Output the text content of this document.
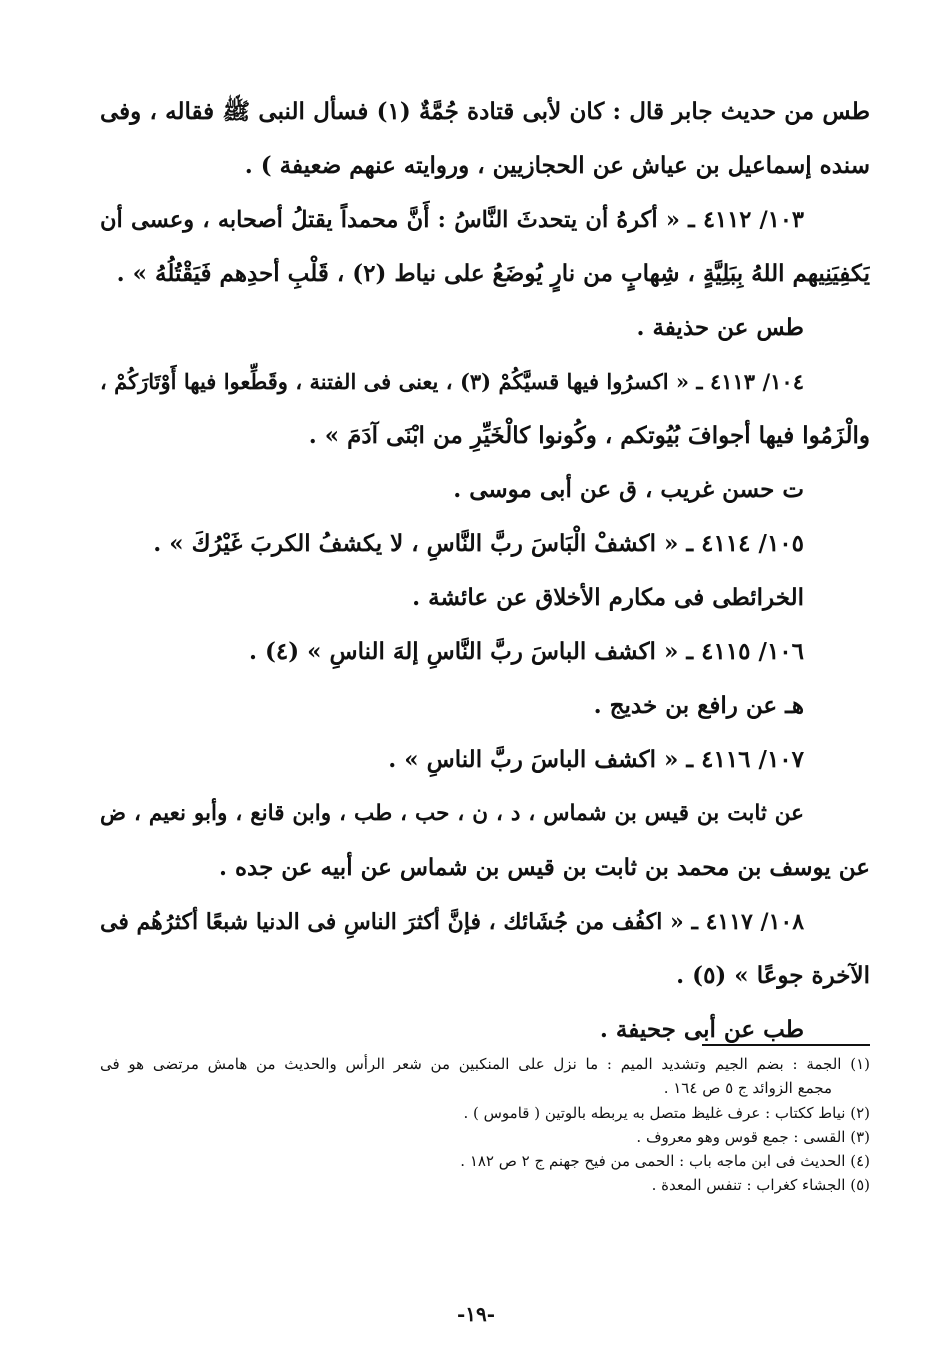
طس من حديث جابر قال : كان لأبى قتادة جُمَّةٌ (١) فسأل النبى ﷺ فقاله ، وفى
سنده إسماعيل بن عياش عن الحجازيين ، وروايته عنهم ضعيفة ) .
١٠٣/ ٤١١٢ ـ « أكرهُ أن يتحدثَ النَّاسُ : أَنَّ محمداً يقتلُ أصحابه ، وعسى أن
يَكفِيَنِيهم اللهُ بِبَلِيَّةٍ ، شِهابٍ من نارٍ يُوضَعُ على نياط (٢) ، قَلْبِ أحدِهم فَيَقْتُلُهُ » .
طس عن حذيفة .
١٠٤/ ٤١١٣ ـ « اكسرُوا فيها قسيَّكُمْ (٣) ، يعنى فى الفتنة ، وقَطِّعوا فيها أَوْتَارَكُمْ ،
والْزَمُوا فيها أجوافَ بُيُوتكم ، وكُونوا كالْخَيِّرِ من ابْنَى آدَمَ » .
ت حسن غريب ، ق عن أبى موسى .
١٠٥/ ٤١١٤ ـ « اكشفْ الْبَاسَ ربَّ النَّاسِ ، لا يكشفُ الكربَ غَيْرُكَ » .
الخرائطى فى مكارم الأخلاق عن عائشة .
١٠٦/ ٤١١٥ ـ « اكشف الباسَ ربَّ النَّاسِ إلهَ الناسِ » (٤) .
هـ عن رافع بن خديج .
١٠٧/ ٤١١٦ ـ « اكشف الباسَ ربَّ الناسِ » .
عن ثابت بن قيس بن شماس ، د ، ن ، حب ، طب ، وابن قانع ، وأبو نعيم ، ض
عن يوسف بن محمد بن ثابت بن قيس بن شماس عن أبيه عن جده .
١٠٨/ ٤١١٧ ـ « اكفُف من جُشَائك ، فإنَّ أكثرَ الناسِ فى الدنيا شبعًا أكثرُهُم فى
الآخرة جوعًا » (٥) .
طب عن أبى جحيفة .
(١) الجمة : بضم الجيم وتشديد الميم : ما نزل على المنكبين من شعر الرأس والحديث من هامش مرتضى هو فى
مجمع الزوائد ج ٥ ص ١٦٤ .
(٢) نياط ككتاب : عرف غليظ متصل به يربطه بالوتين ( قاموس ) .
(٣) القسى : جمع قوس وهو معروف .
(٤) الحديث فى ابن ماجه باب : الحمى من فيح جهنم ج ٢ ص ١٨٢ .
(٥) الجشاء كغراب : تنفس المعدة .
-١٩-
